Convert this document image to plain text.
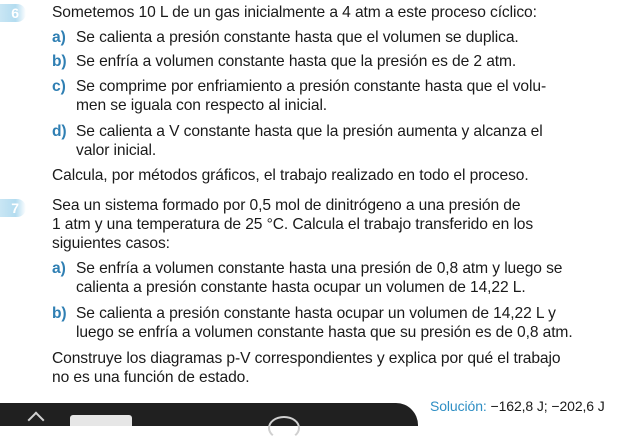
6 Sometemos 10 L de un gas inicialmente a 4 atm a este proceso cíclico:
a) Se calienta a presión constante hasta que el volumen se duplica.
b) Se enfría a volumen constante hasta que la presión es de 2 atm.
c) Se comprime por enfriamiento a presión constante hasta que el volu-
men se iguala con respecto al inicial.
d) Se calienta a V constante hasta que la presión aumenta y alcanza el
valor inicial.
Calcula, por métodos gráficos, el trabajo realizado en todo el proceso.
7 Sea un sistema formado por 0,5 mol de dinitrógeno a una presión de
1 atm y una temperatura de 25 °C. Calcula el trabajo transferido en los
siguientes casos:
a) Se enfría a volumen constante hasta una presión de 0,8 atm y luego se
calienta a presión constante hasta ocupar un volumen de 14,22 L.
b) Se calienta a presión constante hasta ocupar un volumen de 14,22 L y
luego se enfría a volumen constante hasta que su presión es de 0,8 atm.
Construye los diagramas p-V correspondientes y explica por qué el trabajo
no es una función de estado.
Solución: −162,8 J; −202,6 J
